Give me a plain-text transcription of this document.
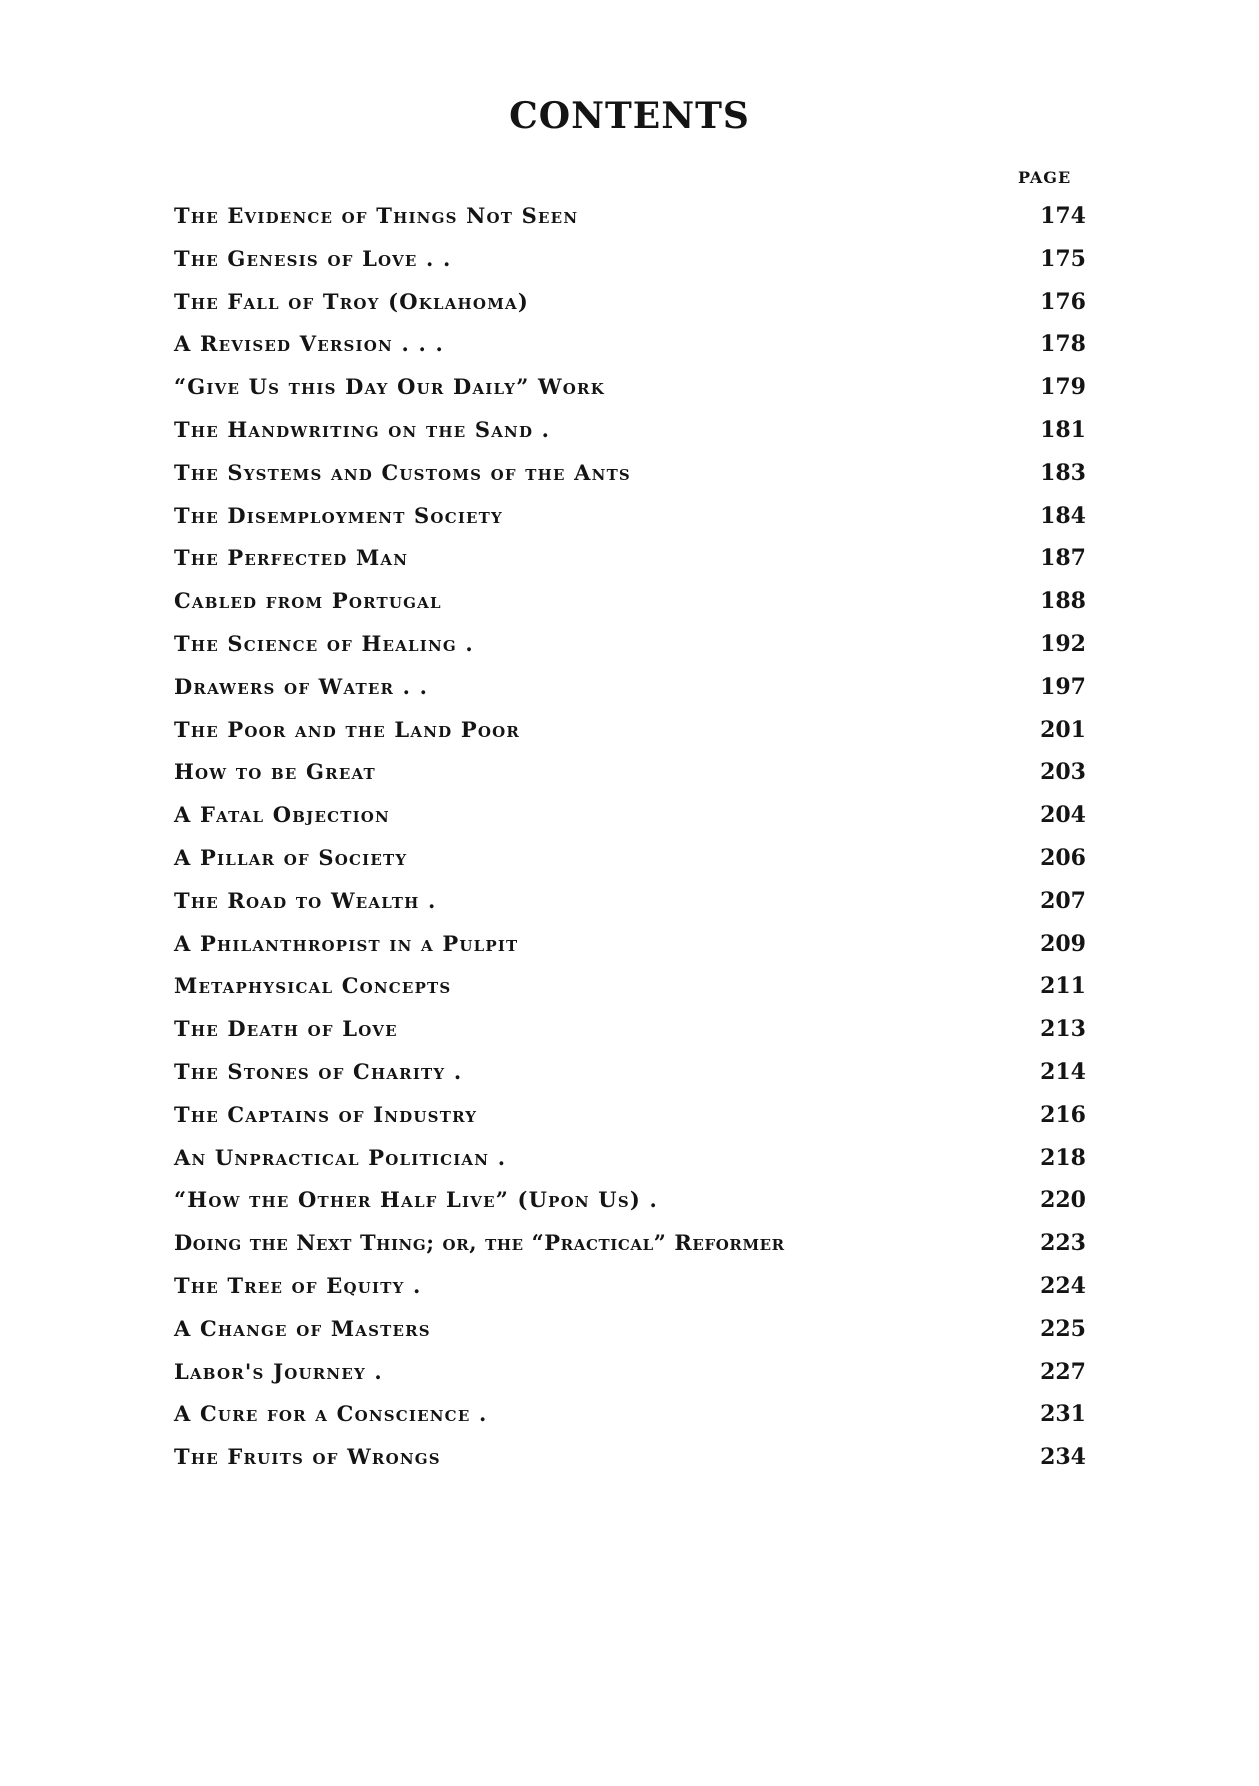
CONTENTS
PAGE
The Evidence of Things Not Seen	174
The Genesis of Love . .	175
The Fall of Troy (Oklahoma)	176
A Revised Version . . .	178
“Give Us this Day Our Daily” Work	179
The Handwriting on the Sand .	181
The Systems and Customs of the Ants	183
The Disemployment Society	184
The Perfected Man	187
Cabled from Portugal	188
The Science of Healing .	192
Drawers of Water . .	197
The Poor and the Land Poor	201
How to be Great	203
A Fatal Objection	204
A Pillar of Society	206
The Road to Wealth .	207
A Philanthropist in a Pulpit	209
Metaphysical Concepts	211
The Death of Love	213
The Stones of Charity .	214
The Captains of Industry	216
An Unpractical Politician .	218
“How the Other Half Live” (Upon Us) .	220
Doing the Next Thing; or, the “Practical” Reformer	223
The Tree of Equity .	224
A Change of Masters	225
Labor's Journey .	227
A Cure for a Conscience .	231
The Fruits of Wrongs	234
